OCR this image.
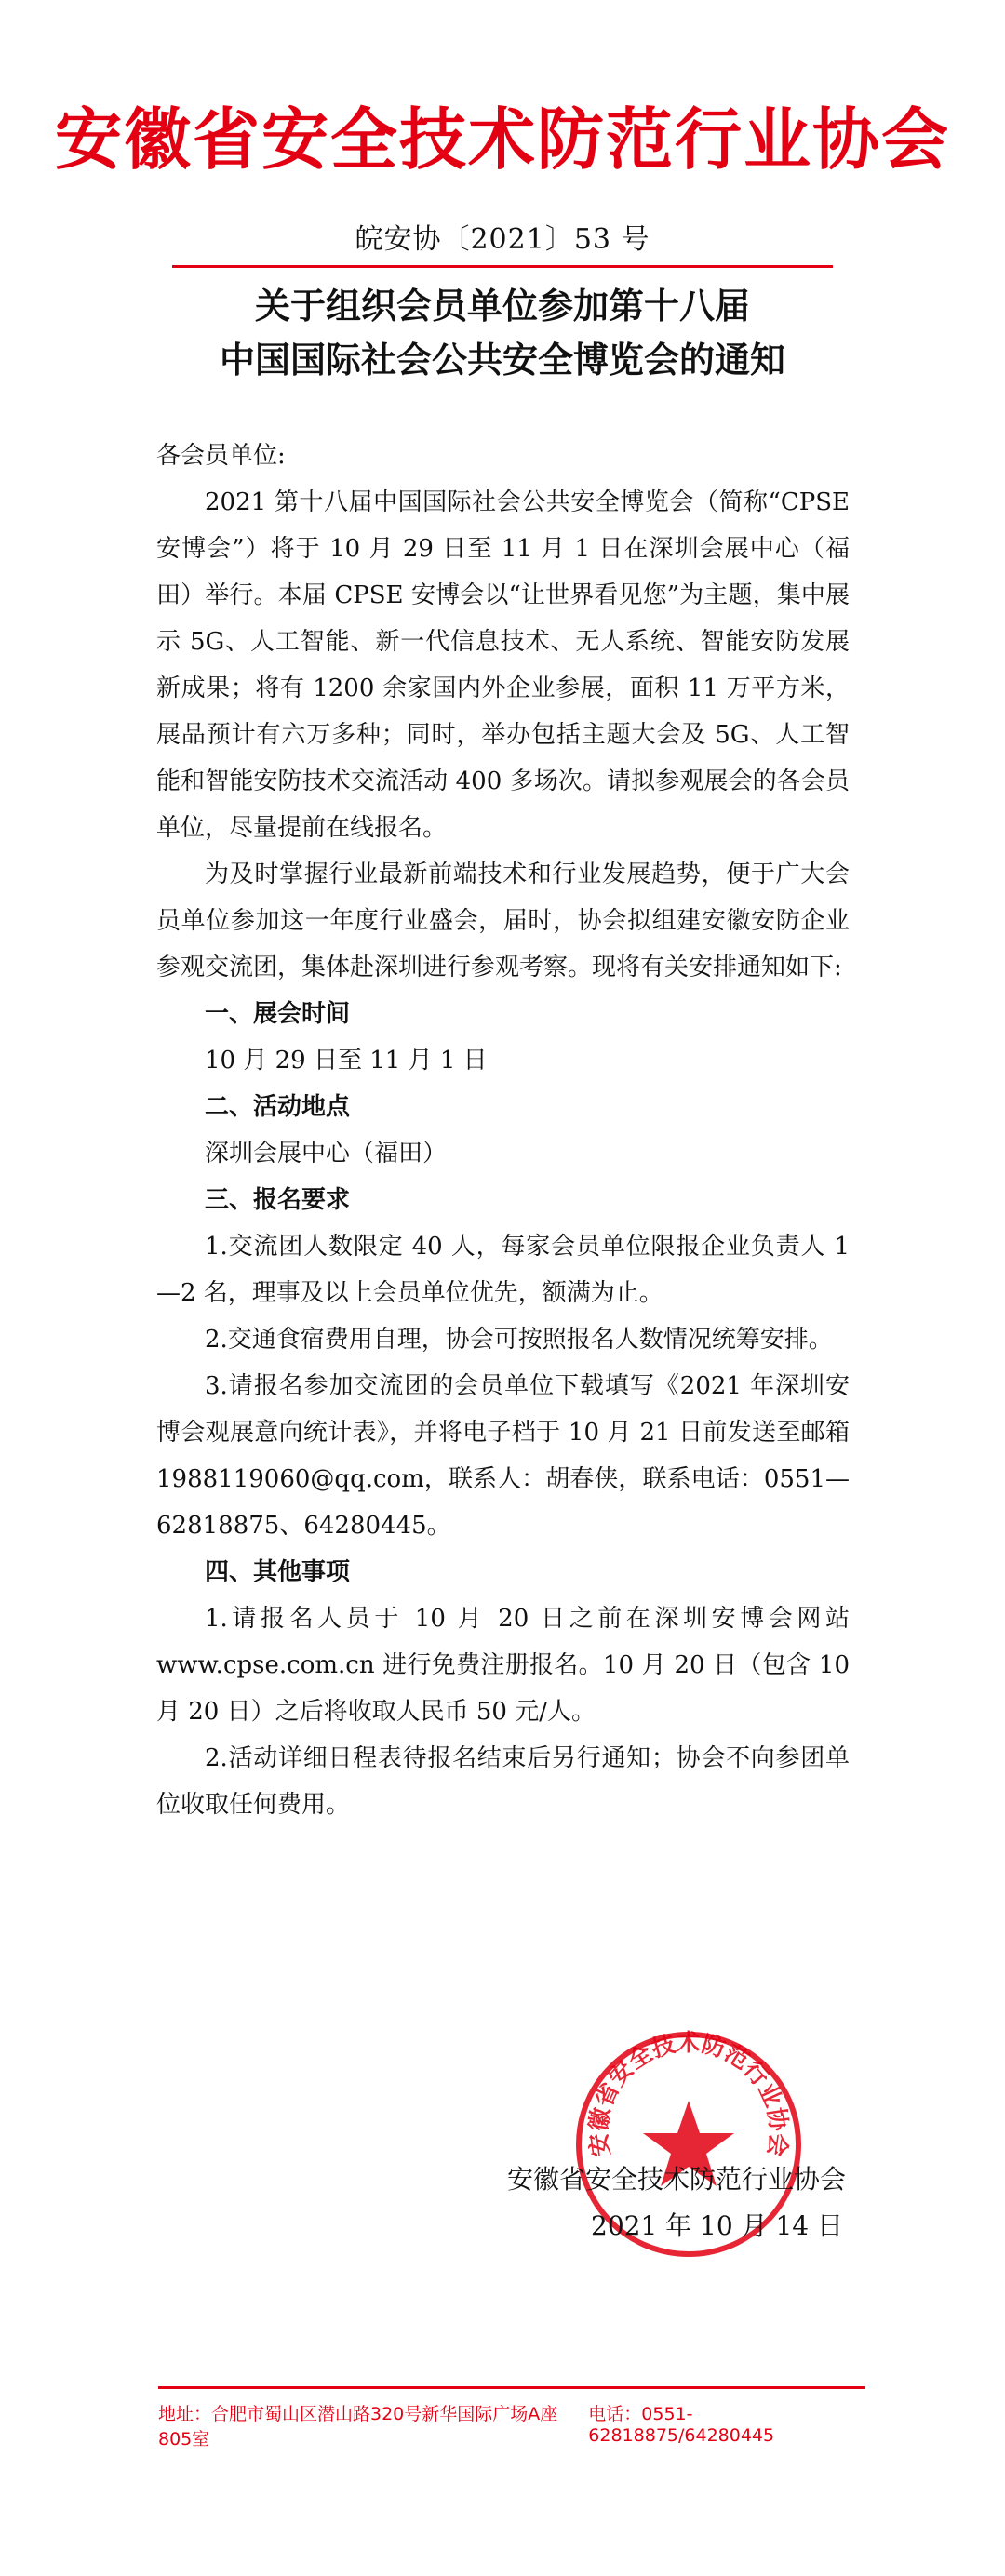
安徽省安全技术防范行业协会
皖安协〔2021〕53 号
关于组织会员单位参加第十八届
中国国际社会公共安全博览会的通知

各会员单位:

2021 第十八届中国国际社会公共安全博览会（简称“CPSE 安博会”）将于 10 月 29 日至 11 月 1 日在深圳会展中心（福田）举行。本届 CPSE 安博会以“让世界看见您”为主题，集中展示 5G、人工智能、新一代信息技术、无人系统、智能安防发展新成果；将有 1200 余家国内外企业参展，面积 11 万平方米，展品预计有六万多种；同时，举办包括主题大会及 5G、人工智能和智能安防技术交流活动 400 多场次。请拟参观展会的各会员单位，尽量提前在线报名。

为及时掌握行业最新前端技术和行业发展趋势，便于广大会员单位参加这一年度行业盛会，届时，协会拟组建安徽安防企业参观交流团，集体赴深圳进行参观考察。现将有关安排通知如下:

一、展会时间

10 月 29 日至 11 月 1 日

二、活动地点

深圳会展中心（福田）

三、报名要求

1.交流团人数限定 40 人，每家会员单位限报企业负责人 1—2 名，理事及以上会员单位优先，额满为止。

2.交通食宿费用自理，协会可按照报名人数情况统筹安排。

3.请报名参加交流团的会员单位下载填写《2021 年深圳安博会观展意向统计表》，并将电子档于 10 月 21 日前发送至邮箱 1988119060@qq.com，联系人：胡春侠，联系电话：0551—62818875、64280445。

四、其他事项

1.请报名人员于 10 月 20 日之前在深圳安博会网站 www.cpse.com.cn 进行免费注册报名。10 月 20 日（包含 10 月 20 日）之后将收取人民币 50 元/人。

2.活动详细日程表待报名结束后另行通知；协会不向参团单位收取任何费用。

安徽省安全技术防范行业协会
安徽省安全技术防范行业协会
2021 年 10 月 14 日
地址：合肥市蜀山区潜山路320号新华国际广场A座805室
电话：0551-62818875/64280445
